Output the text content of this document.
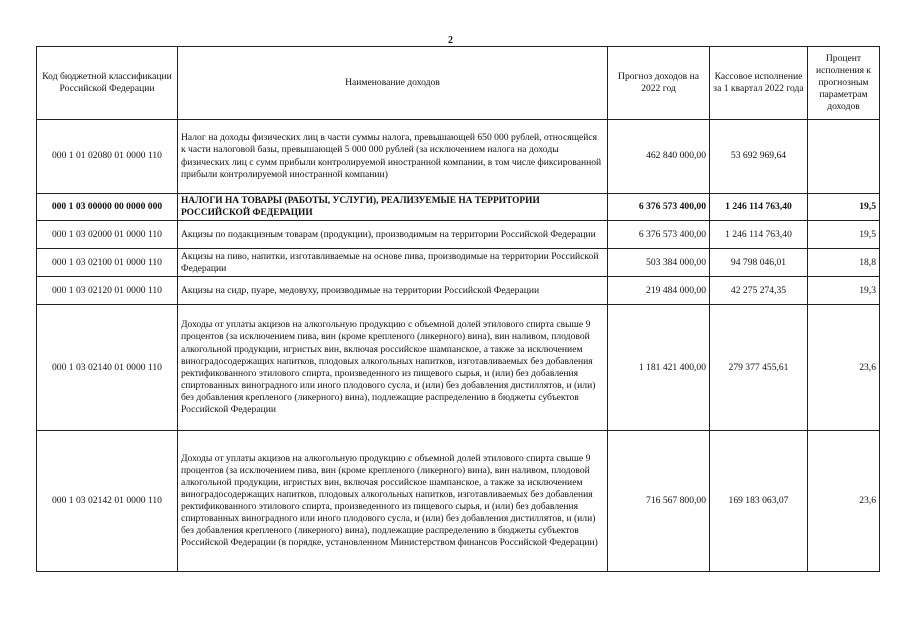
2
Код бюджетной классификации Российской Федерации	Наименование доходов	Прогноз доходов на 2022 год	Кассовое исполнение за 1 квартал 2022 года	Процент исполнения к прогнозным параметрам доходов
000 1 01 02080 01 0000 110	Налог на доходы физических лиц в части суммы налога, превышающей 650 000 рублей, относящейся к части налоговой базы, превышающей 5 000 000 рублей (за исключением налога на доходы физических лиц с сумм прибыли контролируемой иностранной компании, в том числе фиксированной прибыли контролируемой иностранной компании)	462 840 000,00	53 692 969,64	
000 1 03 00000 00 0000 000	НАЛОГИ НА ТОВАРЫ (РАБОТЫ, УСЛУГИ), РЕАЛИЗУЕМЫЕ НА ТЕРРИТОРИИ РОССИЙСКОЙ ФЕДЕРАЦИИ	6 376 573 400,00	1 246 114 763,40	19,5
000 1 03 02000 01 0000 110	Акцизы по подакцизным товарам (продукции), производимым на территории Российской Федерации	6 376 573 400,00	1 246 114 763,40	19,5
000 1 03 02100 01 0000 110	Акцизы на пиво, напитки, изготавливаемые на основе пива, производимые на территории Российской Федерации	503 384 000,00	94 798 046,01	18,8
000 1 03 02120 01 0000 110	Акцизы на сидр, пуаре, медовуху, производимые на территории Российской Федерации	219 484 000,00	42 275 274,35	19,3
000 1 03 02140 01 0000 110	Доходы от уплаты акцизов на алкогольную продукцию с объемной долей этилового спирта свыше 9 процентов (за исключением пива, вин (кроме крепленого (ликерного) вина), вин наливом, плодовой алкогольной продукции, игристых вин, включая российское шампанское, а также за исключением виноградосодержащих напитков, плодовых алкогольных напитков, изготавливаемых без добавления ректификованного этилового спирта, произведенного из пищевого сырья, и (или) без добавления спиртованных виноградного или иного плодового сусла, и (или) без добавления дистиллятов, и (или) без добавления крепленого (ликерного) вина), подлежащие распределению в бюджеты субъектов Российской Федерации	1 181 421 400,00	279 377 455,61	23,6
000 1 03 02142 01 0000 110	Доходы от уплаты акцизов на алкогольную продукцию с объемной долей этилового спирта свыше 9 процентов (за исключением пива, вин (кроме крепленого (ликерного) вина), вин наливом, плодовой алкогольной продукции, игристых вин, включая российское шампанское, а также за исключением виноградосодержащих напитков, плодовых алкогольных напитков, изготавливаемых без добавления ректификованного этилового спирта, произведенного из пищевого сырья, и (или) без добавления спиртованных виноградного или иного плодового сусла, и (или) без добавления дистиллятов, и (или) без добавления крепленого (ликерного) вина), подлежащие распределению в бюджеты субъектов Российской Федерации (в порядке, установленном Министерством финансов Российской Федерации)	716 567 800,00	169 183 063,07	23,6
